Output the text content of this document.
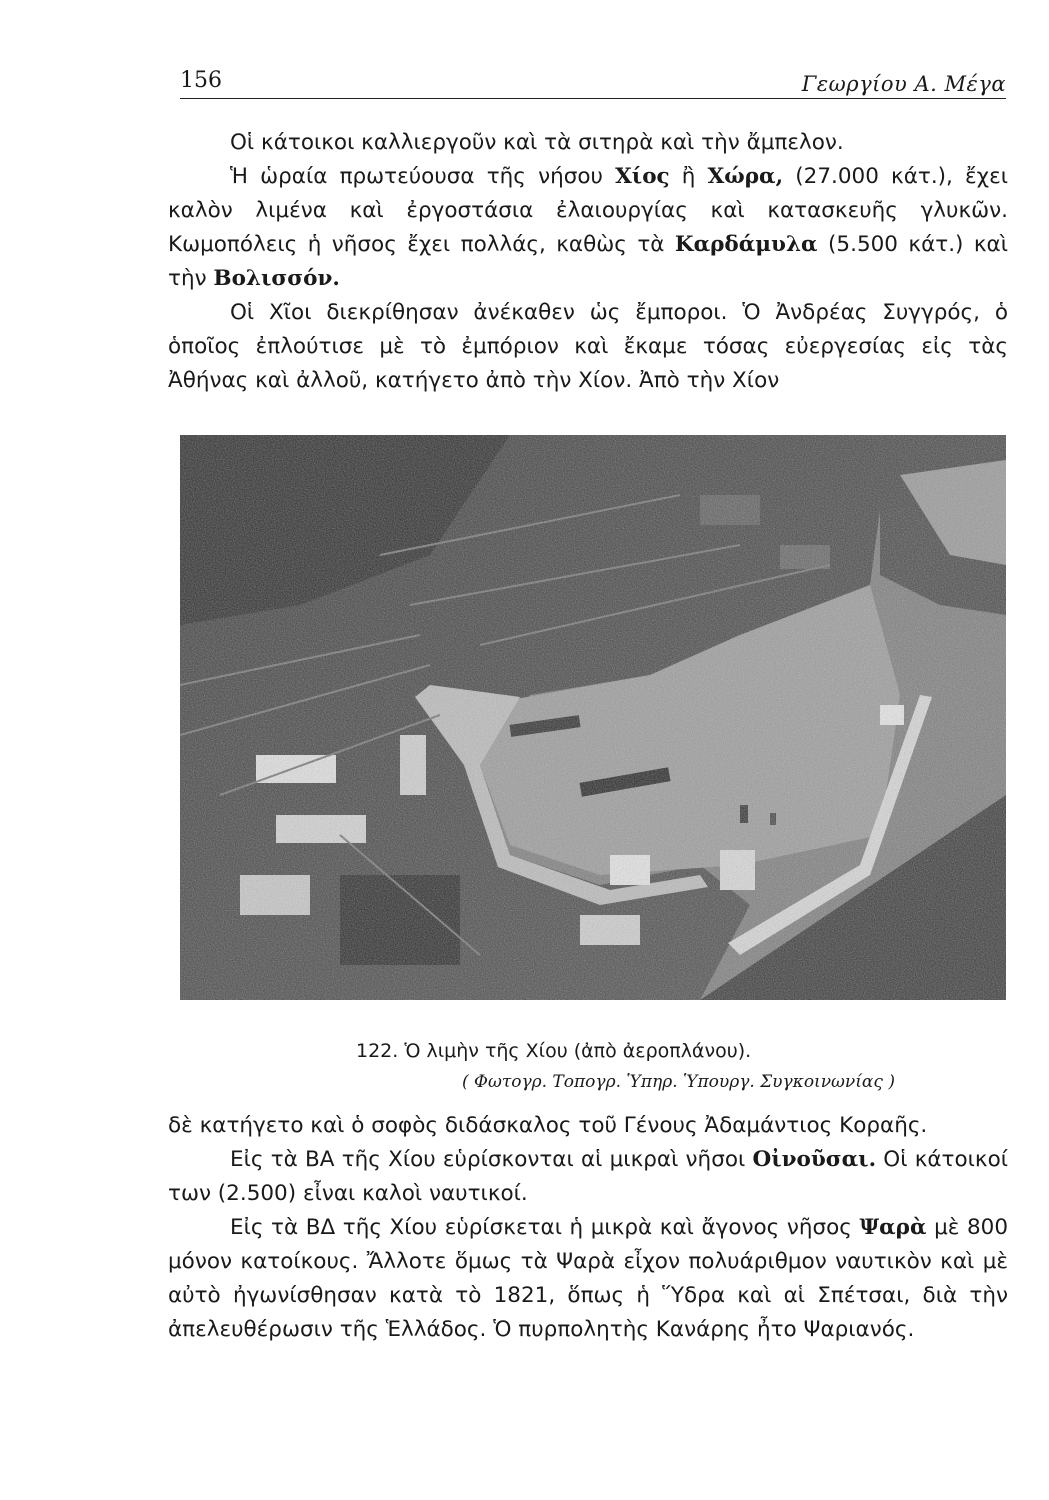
156	Γεωργίου Α. Μέγα

Οἱ κάτοικοι καλλιεργοῦν καὶ τὰ σιτηρὰ καὶ τὴν ἄμπελον.

Ἡ ὡραία πρωτεύουσα τῆς νήσου Χίος ἢ Χώρα, (27.000 κάτ.), ἔχει καλὸν λιμένα καὶ ἐργοστάσια ἐλαιουργίας καὶ κατασκευῆς γλυκῶν. Κωμοπόλεις ἡ νῆσος ἔχει πολλάς, καθὼς τὰ Καρδάμυλα (5.500 κάτ.) καὶ τὴν Βολισσόν.

Οἱ Χῖοι διεκρίθησαν ἀνέκαθεν ὡς ἔμποροι. Ὁ Ἀνδρέας Συγγρός, ὁ ὁποῖος ἐπλούτισε μὲ τὸ ἐμπόριον καὶ ἔκαμε τόσας εὐεργεσίας εἰς τὰς Ἀθήνας καὶ ἀλλοῦ, κατήγετο ἀπὸ τὴν Χίον. Ἀπὸ τὴν Χίον

122. Ὁ λιμὴν τῆς Χίου (ἀπὸ ἀεροπλάνου).
( Φωτογρ. Τοπογρ. Ὑπηρ. Ὑπουργ. Συγκοινωνίας )

δὲ κατήγετο καὶ ὁ σοφὸς διδάσκαλος τοῦ Γένους Ἀδαμάντιος Κοραῆς.

Εἰς τὰ ΒΑ τῆς Χίου εὑρίσκονται αἱ μικραὶ νῆσοι Οἰνοῦσαι. Οἱ κάτοικοί των (2.500) εἶναι καλοὶ ναυτικοί.

Εἰς τὰ ΒΔ τῆς Χίου εὑρίσκεται ἡ μικρὰ καὶ ἄγονος νῆσος Ψαρὰ μὲ 800 μόνον κατοίκους. Ἄλλοτε ὅμως τὰ Ψαρὰ εἶχον πολυάριθμον ναυτικὸν καὶ μὲ αὐτὸ ἠγωνίσθησαν κατὰ τὸ 1821, ὅπως ἡ Ὕδρα καὶ αἱ Σπέτσαι, διὰ τὴν ἀπελευθέρωσιν τῆς Ἑλλάδος. Ὁ πυρπολητὴς Κανάρης ἦτο Ψαριανός.
